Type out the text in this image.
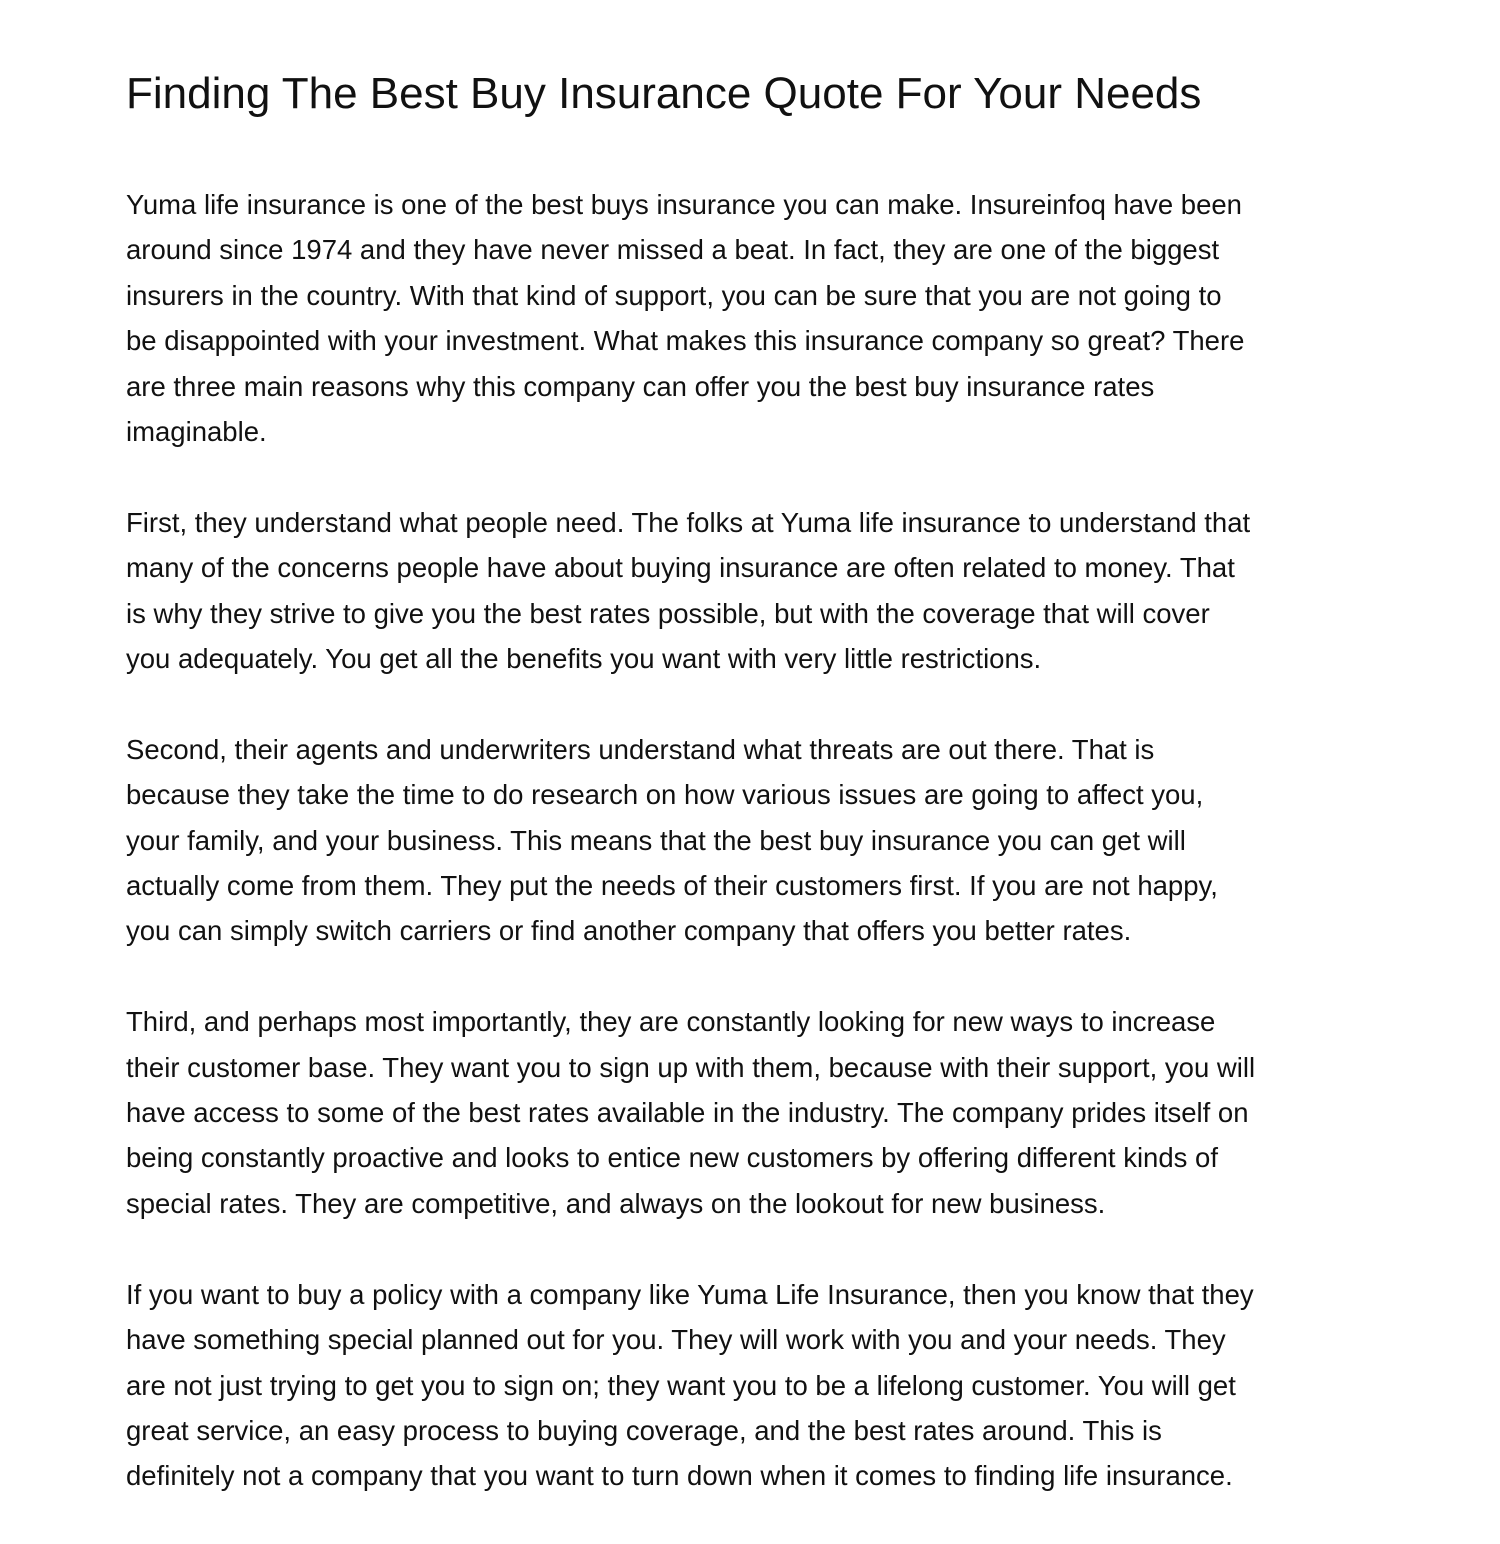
Finding The Best Buy Insurance Quote For Your Needs
Yuma life insurance is one of the best buys insurance you can make. Insureinfoq have been
around since 1974 and they have never missed a beat. In fact, they are one of the biggest
insurers in the country. With that kind of support, you can be sure that you are not going to
be disappointed with your investment. What makes this insurance company so great? There
are three main reasons why this company can offer you the best buy insurance rates
imaginable.
First, they understand what people need. The folks at Yuma life insurance to understand that
many of the concerns people have about buying insurance are often related to money. That
is why they strive to give you the best rates possible, but with the coverage that will cover
you adequately. You get all the benefits you want with very little restrictions.
Second, their agents and underwriters understand what threats are out there. That is
because they take the time to do research on how various issues are going to affect you,
your family, and your business. This means that the best buy insurance you can get will
actually come from them. They put the needs of their customers first. If you are not happy,
you can simply switch carriers or find another company that offers you better rates.
Third, and perhaps most importantly, they are constantly looking for new ways to increase
their customer base. They want you to sign up with them, because with their support, you will
have access to some of the best rates available in the industry. The company prides itself on
being constantly proactive and looks to entice new customers by offering different kinds of
special rates. They are competitive, and always on the lookout for new business.
If you want to buy a policy with a company like Yuma Life Insurance, then you know that they
have something special planned out for you. They will work with you and your needs. They
are not just trying to get you to sign on; they want you to be a lifelong customer. You will get
great service, an easy process to buying coverage, and the best rates around. This is
definitely not a company that you want to turn down when it comes to finding life insurance.
